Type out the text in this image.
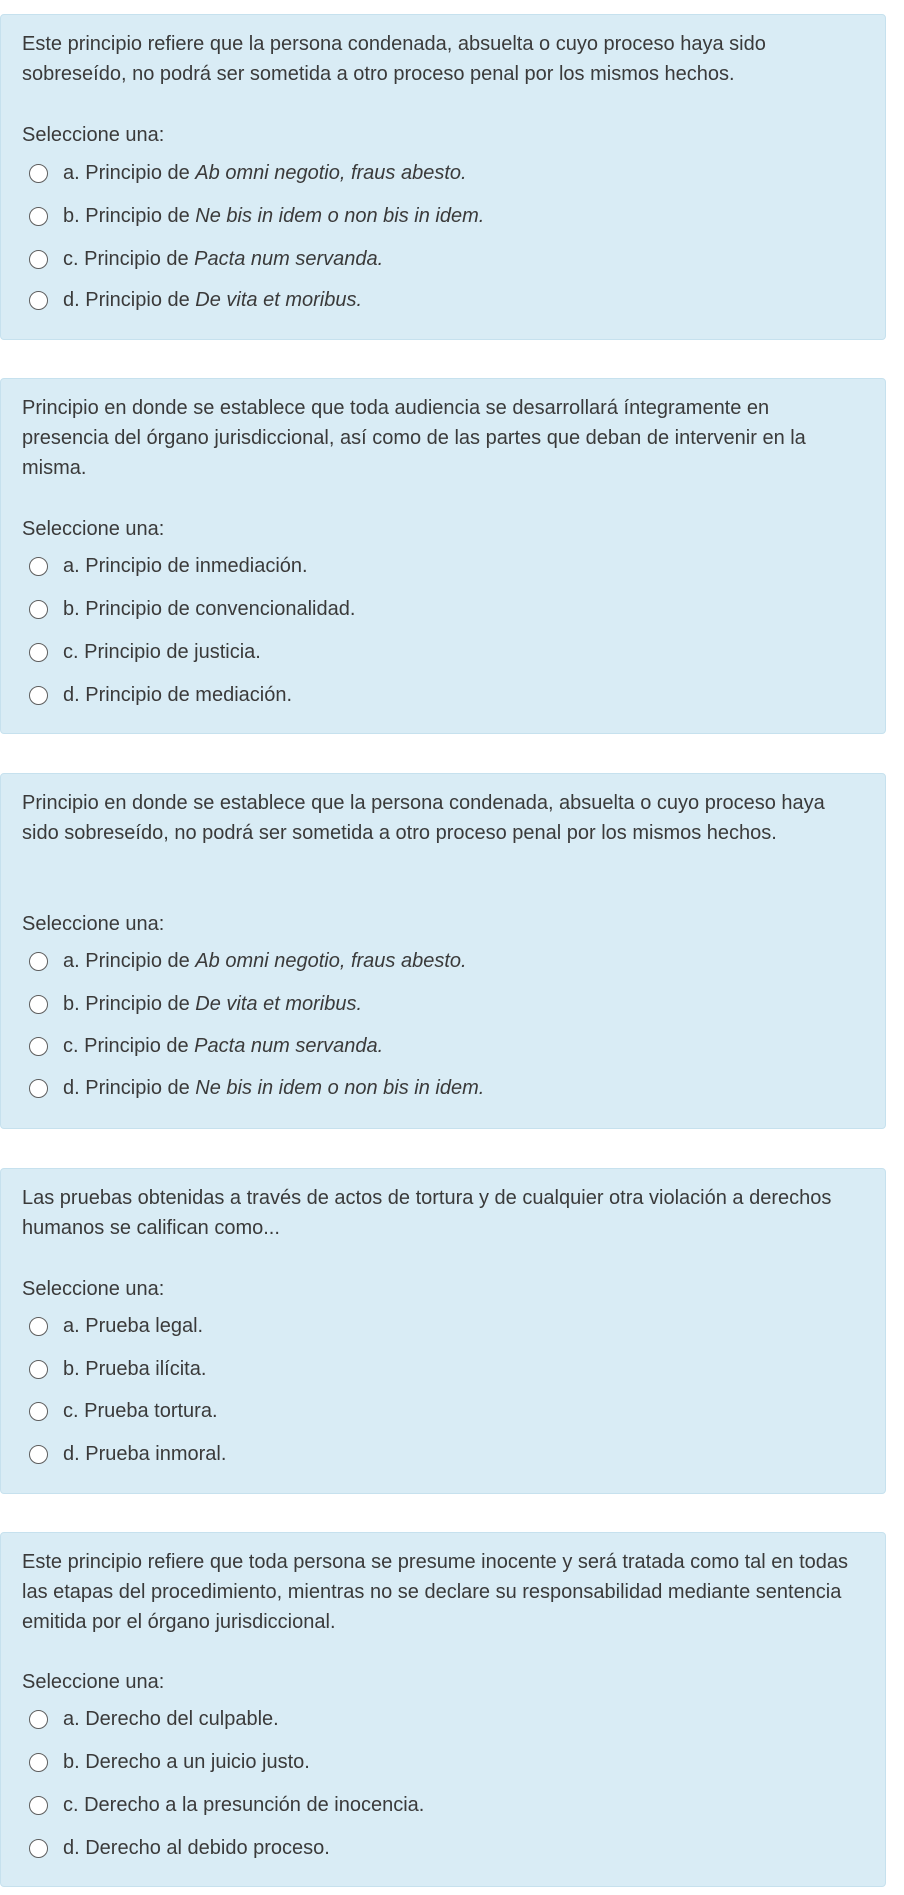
Este principio refiere que la persona condenada, absuelta o cuyo proceso haya sido sobreseído, no podrá ser sometida a otro proceso penal por los mismos hechos.

Seleccione una:

a. Principio de Ab omni negotio, fraus abesto.
b. Principio de Ne bis in idem o non bis in idem.
c. Principio de Pacta num servanda.
d. Principio de De vita et moribus.

Principio en donde se establece que toda audiencia se desarrollará íntegramente en presencia del órgano jurisdiccional, así como de las partes que deban de intervenir en la misma.

Seleccione una:

a. Principio de inmediación.
b. Principio de convencionalidad.
c. Principio de justicia.
d. Principio de mediación.

Principio en donde se establece que la persona condenada, absuelta o cuyo proceso haya sido sobreseído, no podrá ser sometida a otro proceso penal por los mismos hechos.

Seleccione una:

a. Principio de Ab omni negotio, fraus abesto.
b. Principio de De vita et moribus.
c. Principio de Pacta num servanda.
d. Principio de Ne bis in idem o non bis in idem.

Las pruebas obtenidas a través de actos de tortura y de cualquier otra violación a derechos humanos se califican como...

Seleccione una:

a. Prueba legal.
b. Prueba ilícita.
c. Prueba tortura.
d. Prueba inmoral.

Este principio refiere que toda persona se presume inocente y será tratada como tal en todas las etapas del procedimiento, mientras no se declare su responsabilidad mediante sentencia emitida por el órgano jurisdiccional.

Seleccione una:

a. Derecho del culpable.
b. Derecho a un juicio justo.
c. Derecho a la presunción de inocencia.
d. Derecho al debido proceso.
